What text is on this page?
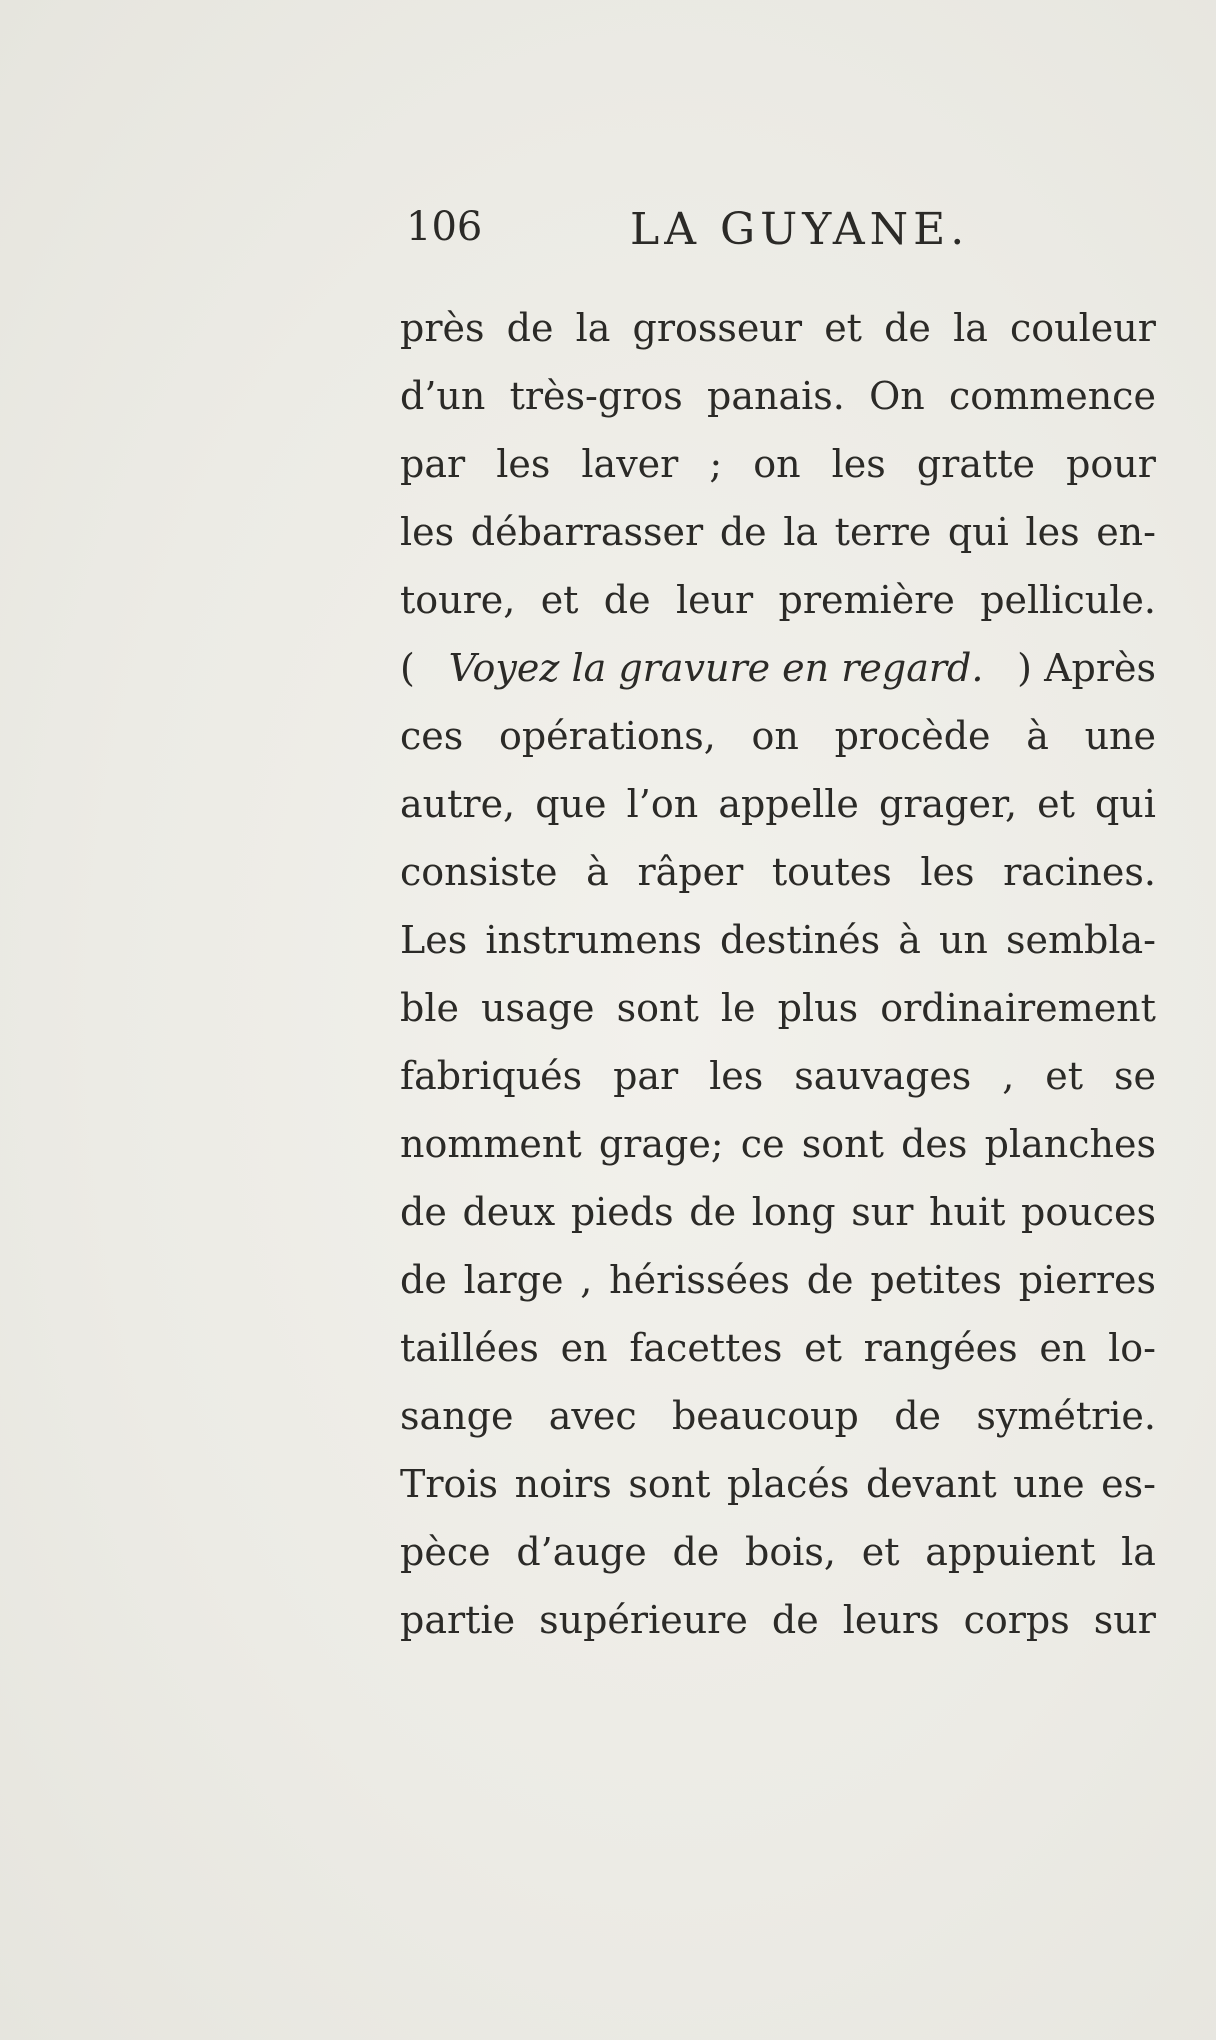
106	LA GUYANE.
près de la grosseur et de la couleur
d’un très-gros panais. On commence
par les laver ; on les gratte pour
les débarrasser de la terre qui les en-
toure, et de leur première pellicule.
( Voyez la gravure en regard. ) Après
ces opérations, on procède à une
autre, que l’on appelle grager, et qui
consiste à râper toutes les racines.
Les instrumens destinés à un sembla-
ble usage sont le plus ordinairement
fabriqués par les sauvages , et se
nomment grage; ce sont des planches
de deux pieds de long sur huit pouces
de large , hérissées de petites pierres
taillées en facettes et rangées en lo-
sange avec beaucoup de symétrie.
Trois noirs sont placés devant une es-
pèce d’auge de bois, et appuient la
partie supérieure de leurs corps sur
